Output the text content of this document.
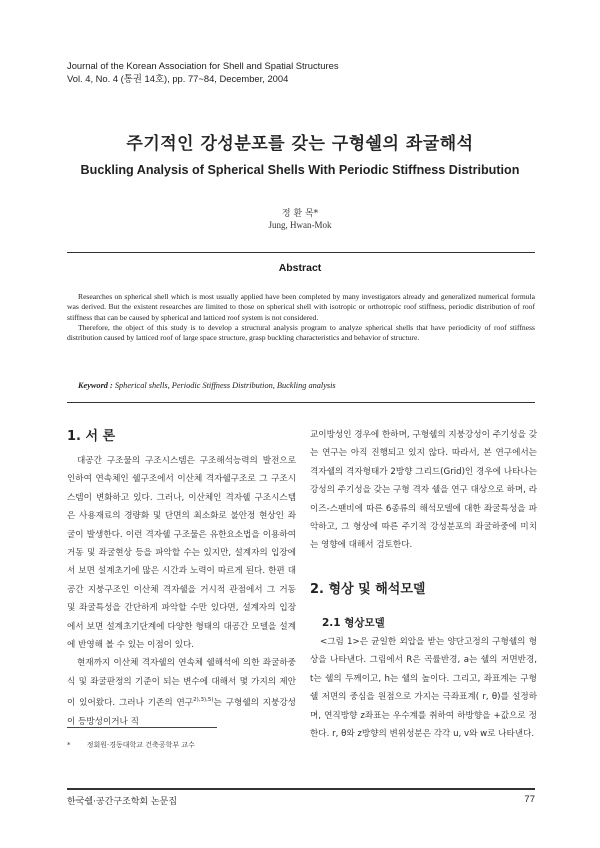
Journal of the Korean Association for Shell and Spatial Structures
Vol. 4, No. 4 (통권 14호), pp. 77~84, December, 2004
주기적인 강성분포를 갖는 구형쉘의 좌굴해석
Buckling Analysis of Spherical Shells With Periodic Stiffness Distribution
정 환 목*
Jung, Hwan-Mok
Abstract

Researches on spherical shell which is most usually applied have been completed by many investigators already and generalized numerical formula was derived. But the existent researches are limited to those on spherical shell with isotropic or orthotropic roof stiffness, periodic distribution of roof stiffness that can be caused by spherical and latticed roof system is not considered.

Therefore, the object of this study is to develop a structural analysis program to analyze spherical shells that have periodicity of roof stiffness distribution caused by latticed roof of large space structure, grasp buckling characteristics and behavior of structure.

Keyword : Spherical shells, Periodic Stiffness Distribution, Buckling analysis
1. 서 론

대공간 구조물의 구조시스템은 구조해석능력의 발전으로 인하여 연속체인 쉘구조에서 이산체 격자쉘구조로 그 구조시스템이 변화하고 있다. 그러나, 이산체인 격자쉘 구조시스템은 사용재료의 경량화 및 단면의 최소화로 불안정 현상인 좌굴이 발생한다. 이런 격자쉘 구조물은 유한요소법을 이용하여 거동 및 좌굴현상 등을 파악할 수는 있지만, 설계자의 입장에서 보면 설계초기에 많은 시간과 노력이 따르게 된다. 한편 대공간 지붕구조인 이산체 격자쉘을 거시적 관점에서 그 거동 및 좌굴특성을 간단하게 파악할 수만 있다면, 설계자의 입장에서 보면 설계초기단계에 다양한 형태의 대공간 모델을 설계에 반영해 볼 수 있는 이점이 있다.

현재까지 이산체 격자쉘의 연속체 쉘해석에 의한 좌굴하중식 및 좌굴판정의 기준이 되는 변수에 대해서 몇 가지의 제안이 있어왔다. 그러나 기존의 연구$^{2),3),5)}$는 구형쉘의 지붕강성이 등방성이거나 직

교이방성인 경우에 한하며, 구형쉘의 지붕강성이 주기성을 갖는 연구는 아직 진행되고 있지 않다. 따라서, 본 연구에서는 격자쉘의 격자형태가 2방향 그리드(Grid)인 경우에 나타나는 강성의 주기성을 갖는 구형 격자 쉘을 연구 대상으로 하며, 라이즈-스팬비에 따른 6종류의 해석모델에 대한 좌굴특성을 파악하고, 그 형상에 따른 주기적 강성분포의 좌굴하중에 미치는 영향에 대해서 검토한다.

2. 형상 및 해석모델
2.1 형상모델

<그림 1>은 균일한 외압을 받는 양단고정의 구형쉘의 형상을 나타낸다. 그림에서 R은 곡률반경, a는 쉘의 저면반경, t는 쉘의 두께이고, h는 쉘의 높이다. 그리고, 좌표계는 구형쉘 저면의 중심을 원점으로 가지는 극좌표계( r, θ)를 설정하며, 연직방향 z좌표는 우수계를 취하여 하방향을 +값으로 정한다. r, θ와 z방향의 변위성분은 각각 u, v와 w로 나타낸다.

* 정회원·경동대학교 건축공학부 교수
한국쉘·공간구조학회 논문집	77
